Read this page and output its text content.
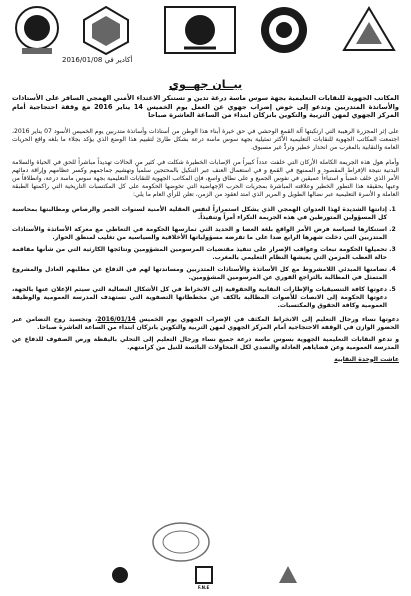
أكادير في 2016/01/08
بيــان جهــوي

المكاتب الجهوية للنقابات التعليمية بجهة سوس ماسة درعة تدين و تستنكر الاعتداء الأمني الهمجي السافر على الأستاذات والأساتذة المتدربين وتدعو إلى خوض إضراب جهوي عن العمل يوم الخميس 14 يناير 2016 مع وقفة احتجاجية أمام المركز الجهوي لمهن التربية والتكوين بانزكان ابتداء من الساعة العاشرة صباحا

على إثر المجزرة الرهيبة التي ارتكبتها آلة القمع الوحشي في حق خيرة أبناء هذا الوطن من أستاذات وأساتذة متدربين يوم الخميس الأسود 07 يناير 2016، اجتمعت المكاتب الجهوية للنقابات التعليمية الأكثر تمثيلية بجهة سوس ماسة درعة بشكل طارئ لتقييم هذا الوضع الذي يؤكد بجلاء ما بلغه واقع الحريات العامة والنقابية بالمغرب من انحدار خطير وتردٍّ غير مسبوق.

وأمام هول هذه الجريمة الكاملة الأركان التي خلفت عدداً كبيراً من الإصابات الخطيرة شكلت في كثير من الحالات تهديداً مباشراً للحق في الحياة والسلامة البدنية نتيجة الإفراط المقصود و الممنهج في القمع و في استعمال العنف عبر التنكيل بالمحتجين سلمياً وتهشيم جماجمهم وكسر عظامهم وإراقة دمائهم الأمر الذي خلف غضباً و استياءاً عميقين في نفوس الجميع و على نطاق واسع، فإن المكاتب الجهوية للنقابات التعليمية بجهة سوس ماسة درعة، وانطلاقاً من وعيها بحقيقة هذا التطور الخطير وعلاقته المباشرة بمجريات الحرب الإجهاضية التي تخوضها الحكومة على كل المكتسبات التاريخية التي راكمتها الطبقة العاملة و الأسرة التعليمية عبر نضالها الطويل و المرير الذي امتد لعقود من الزمن، تعلن للرأي العام ما يلي:

1. إدانتها الشديدة لهذا العدوان الهمجي الذي يشكل استمراراً لنفس العقلية الأمنية لسنوات الجمر والرصاص ومطالبتها بمحاسبة كل المسؤولين المتورطين في هذه الجريمة النكراء أمراً وتنفيذاً.
2. استنكارها لسياسة فرض الأمر الواقع بلغة العصا و الحديد التي تمارسها الحكومة في التعاطي مع معركة الأساتذة والأستاذات المتدربين التي دخلت شهرها الرابع ضدا على ما تفرضه مسؤولياتها الأخلاقية والسياسية من تغليب لمنطق الحوار.
3. تحميلها الحكومة تبعات وعواقب الإصرار على تنفيذ مقتضيات المرسومين المشؤومين ونتائجها الكارثية التي من شأنها مفاقمة حالة العطب المزمن التي يعيشها النظام التعليمي بالمغرب.
4. تضامنها المبدئي اللامشروط مع كل الأساتذة والأستاذات المتدربين ومساندتها لهم في الدفاع عن مطلبهم العادل والمشروع المتمثل في المطالبة بالتراجع الفوري عن المرسومين المشؤومين.
5. دعوتها كافة التنسيقيات والإطارات النقابية والحقوقية إلى الانخراط في كل الأشكال النضالية التي سيتم الإعلان عنها بالجهة، دعوتها الحكومة إلى الانصات للأصوات المطالبة بالكف عن مخططاتها التصفوية التي تستهدف المدرسة العمومية والوظيفة العمومية وكافة الحقوق والمكتسبات.

دعوتها نساء ورجال التعليم إلى الانخراط المكثف في الإضراب الجهوي يوم الخميس 2016/01/14، وتجسيد روح التضامن عبر الحضور الوازن في الوقفة الاحتجاجية أمام المركز الجهوي لمهن التربية والتكوين بانزكان ابتداء من الساعة العاشرة صباحا.

و تدعو النقابات التعليمية الجهوية بسوس ماسة درعة جميع نساء ورجال التعليم إلى التحلي باليقظة ورص الصفوف للدفاع عن المدرسة العمومية وعن قضاياهم العادلة والتصدي لكل المحاولات البائسة للنيل من كرامتهم.

عاشت الوحدة النقابية

F.N.E
